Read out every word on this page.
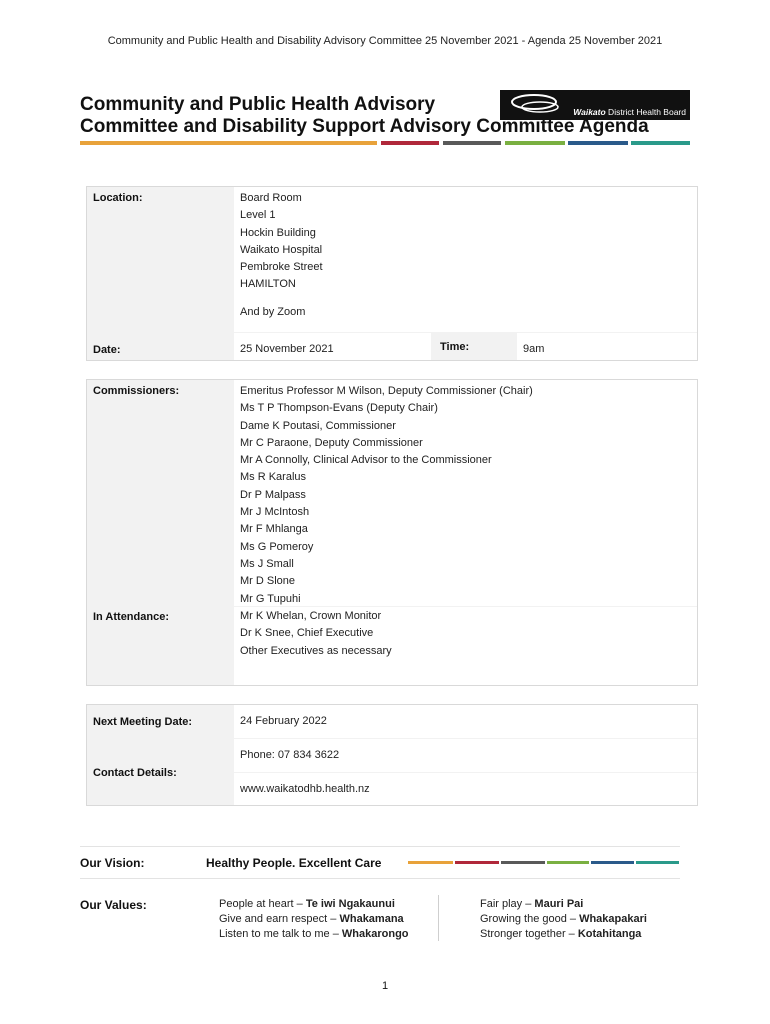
Community and Public Health and Disability Advisory Committee 25 November 2021 - Agenda 25 November 2021
Waikato District Health Board
Community and Public Health Advisory
Committee and Disability Support Advisory Committee Agenda
Location:	Board Room
Level 1
Hockin Building
Waikato Hospital
Pembroke Street
HAMILTON
And by Zoom
Date:	25 November 2021	Time:	9am
Commissioners:	Emeritus Professor M Wilson, Deputy Commissioner (Chair)
Ms T P Thompson-Evans (Deputy Chair)
Dame K Poutasi, Commissioner
Mr C Paraone, Deputy Commissioner
Mr A Connolly, Clinical Advisor to the Commissioner
Ms R Karalus
Dr P Malpass
Mr J McIntosh
Mr F Mhlanga
Ms G Pomeroy
Ms J Small
Mr D Slone
Mr G Tupuhi
In Attendance:	Mr K Whelan, Crown Monitor
Dr K Snee, Chief Executive
Other Executives as necessary
Next Meeting Date:	24 February 2022
Contact Details:
Phone: 07 834 3622
www.waikatodhb.health.nz
Our Vision:	Healthy People. Excellent Care
Our Values:	People at heart – Te iwi Ngakaunui
Give and earn respect – Whakamana
Listen to me talk to me – Whakarongo
Fair play – Mauri Pai
Growing the good – Whakapakari
Stronger together – Kotahitanga
1
